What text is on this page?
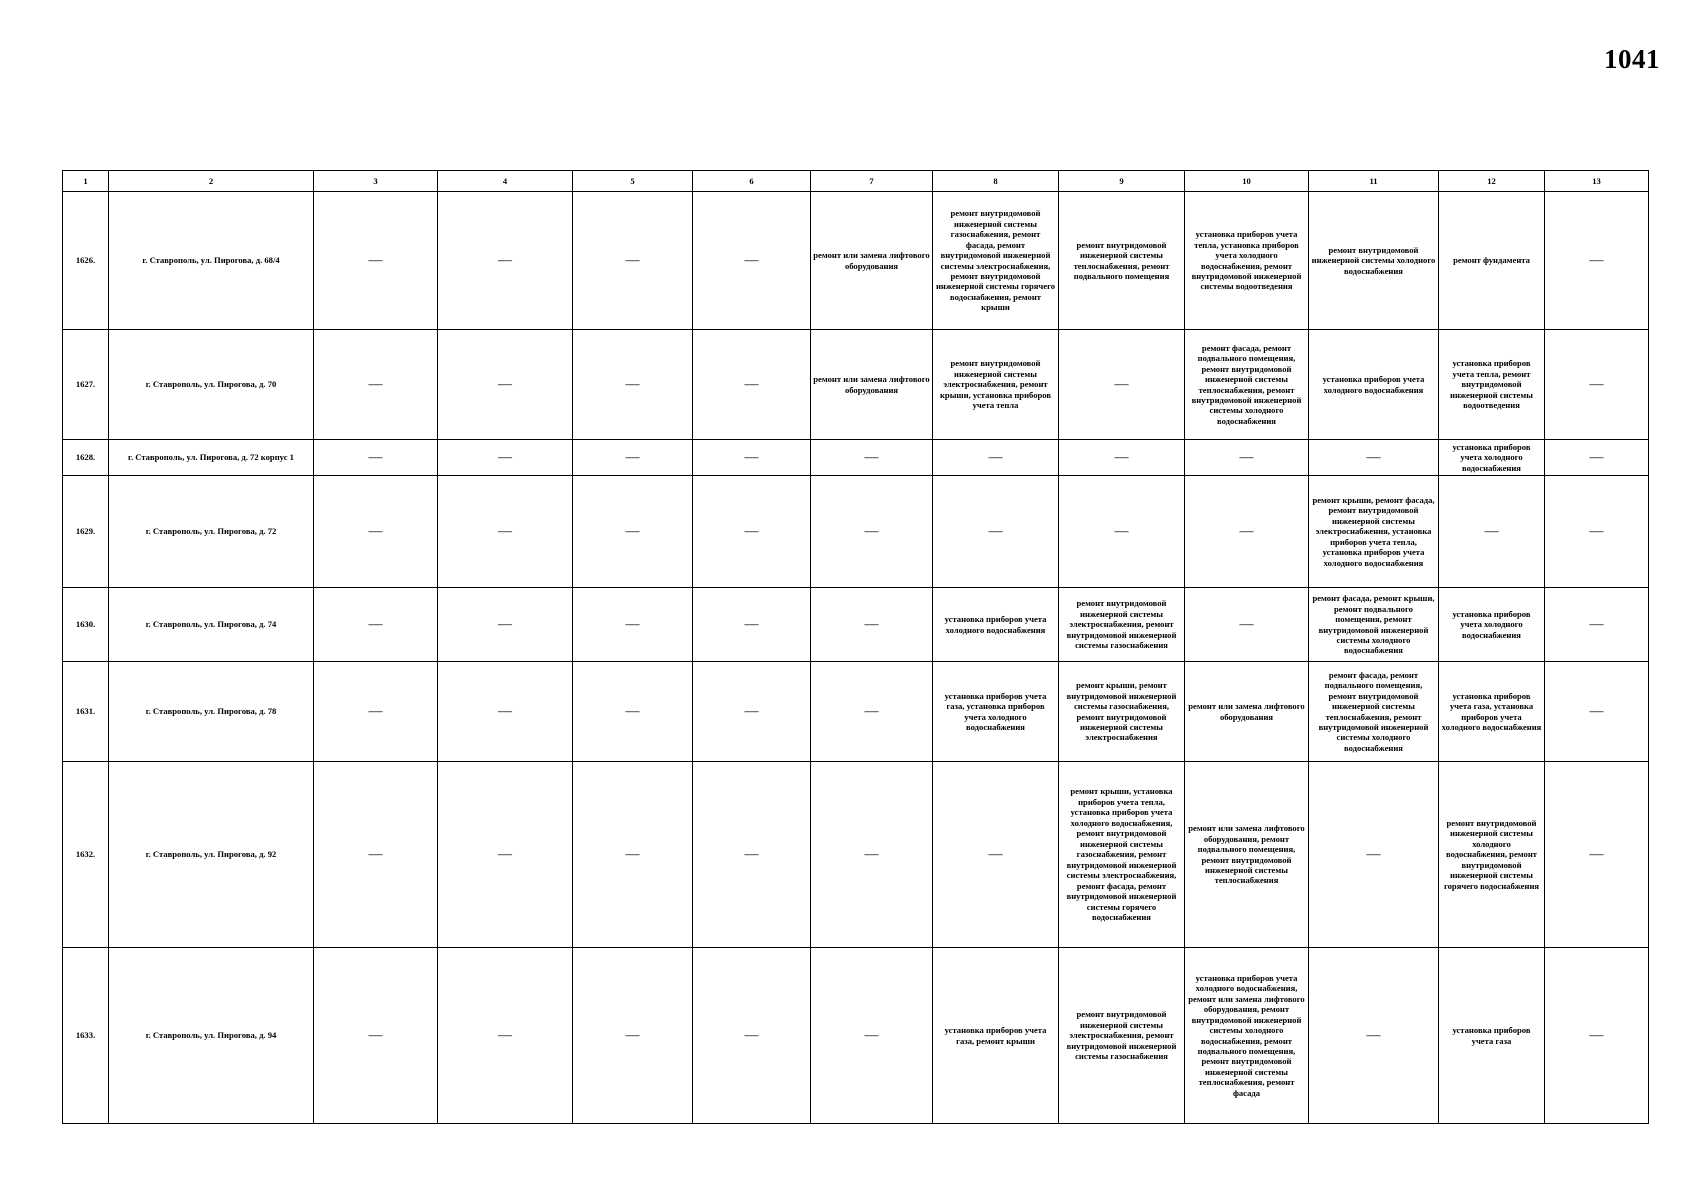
1041
1	2	3	4	5	6	7	8	9	10	11	12	13
1626.	г. Ставрополь, ул. Пирогова, д. 68/4	—	—	—	—	ремонт или замена лифтового оборудования	ремонт внутридомовой инженерной системы газоснабжения, ремонт фасада, ремонт внутридомовой инженерной системы электроснабжения, ремонт внутридомовой инженерной системы горячего водоснабжения, ремонт крыши	ремонт внутридомовой инженерной системы теплоснабжения, ремонт подвального помещения	установка приборов учета тепла, установка приборов учета холодного водоснабжения, ремонт внутридомовой инженерной системы водоотведения	ремонт внутридомовой инженерной системы холодного водоснабжения	ремонт фундамента	—
1627.	г. Ставрополь, ул. Пирогова, д. 70	—	—	—	—	ремонт или замена лифтового оборудования	ремонт внутридомовой инженерной системы электроснабжения, ремонт крыши, установка приборов учета тепла	—	ремонт фасада, ремонт подвального помещения, ремонт внутридомовой инженерной системы теплоснабжения, ремонт внутридомовой инженерной системы холодного водоснабжения	установка приборов учета холодного водоснабжения	установка приборов учета тепла, ремонт внутридомовой инженерной системы водоотведения	—
1628.	г. Ставрополь, ул. Пирогова, д. 72 корпус 1	—	—	—	—	—	—	—	—	—	установка приборов учета холодного водоснабжения	—
1629.	г. Ставрополь, ул. Пирогова, д. 72	—	—	—	—	—	—	—	—	ремонт крыши, ремонт фасада, ремонт внутридомовой инженерной системы электроснабжения, установка приборов учета тепла, установка приборов учета холодного водоснабжения	—	—
1630.	г. Ставрополь, ул. Пирогова, д. 74	—	—	—	—	—	установка приборов учета холодного водоснабжения	ремонт внутридомовой инженерной системы электроснабжения, ремонт внутридомовой инженерной системы газоснабжения	—	ремонт фасада, ремонт крыши, ремонт подвального помещения, ремонт внутридомовой инженерной системы холодного водоснабжения	установка приборов учета холодного водоснабжения	—
1631.	г. Ставрополь, ул. Пирогова, д. 78	—	—	—	—	—	установка приборов учета газа, установка приборов учета холодного водоснабжения	ремонт крыши, ремонт внутридомовой инженерной системы газоснабжения, ремонт внутридомовой инженерной системы электроснабжения	ремонт или замена лифтового оборудования	ремонт фасада, ремонт подвального помещения, ремонт внутридомовой инженерной системы теплоснабжения, ремонт внутридомовой инженерной системы холодного водоснабжения	установка приборов учета газа, установка приборов учета холодного водоснабжения	—
1632.	г. Ставрополь, ул. Пирогова, д. 92	—	—	—	—	—	—	ремонт крыши, установка приборов учета тепла, установка приборов учета холодного водоснабжения, ремонт внутридомовой инженерной системы газоснабжения, ремонт внутридомовой инженерной системы электроснабжения, ремонт фасада, ремонт внутридомовой инженерной системы горячего водоснабжения	ремонт или замена лифтового оборудования, ремонт подвального помещения, ремонт внутридомовой инженерной системы теплоснабжения	—	ремонт внутридомовой инженерной системы холодного водоснабжения, ремонт внутридомовой инженерной системы горячего водоснабжения	—
1633.	г. Ставрополь, ул. Пирогова, д. 94	—	—	—	—	—	установка приборов учета газа, ремонт крыши	ремонт внутридомовой инженерной системы электроснабжения, ремонт внутридомовой инженерной системы газоснабжения	установка приборов учета холодного водоснабжения, ремонт или замена лифтового оборудования, ремонт внутридомовой инженерной системы холодного водоснабжения, ремонт подвального помещения, ремонт внутридомовой инженерной системы теплоснабжения, ремонт фасада	—	установка приборов учета газа	—
